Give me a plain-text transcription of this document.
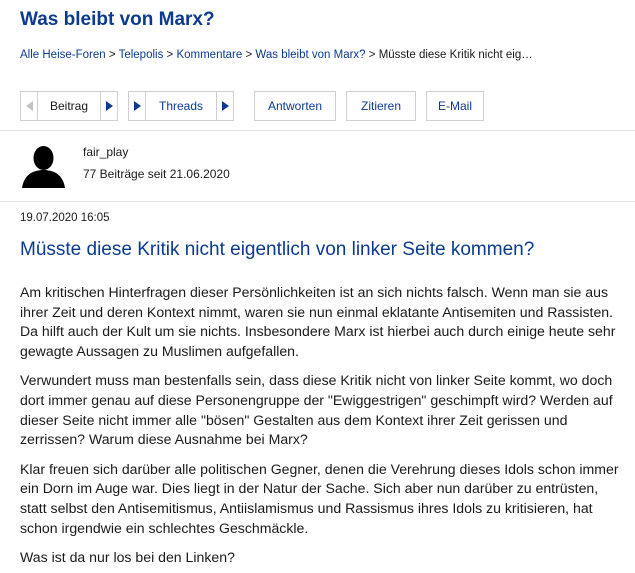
Was bleibt von Marx?
Alle Heise-Foren > Telepolis > Kommentare > Was bleibt von Marx? > Müsste diese Kritik nicht eig…
Beitrag	Threads	Antworten	Zitieren	E-Mail
fair_play
77 Beiträge seit 21.06.2020
19.07.2020 16:05
Müsste diese Kritik nicht eigentlich von linker Seite kommen?

Am kritischen Hinterfragen dieser Persönlichkeiten ist an sich nichts falsch. Wenn man sie aus ihrer Zeit und deren Kontext nimmt, waren sie nun einmal eklatante Antisemiten und Rassisten. Da hilft auch der Kult um sie nichts. Insbesondere Marx ist hierbei auch durch einige heute sehr gewagte Aussagen zu Muslimen aufgefallen.

Verwundert muss man bestenfalls sein, dass diese Kritik nicht von linker Seite kommt, wo doch dort immer genau auf diese Personengruppe der "Ewiggestrigen" geschimpft wird? Werden auf dieser Seite nicht immer alle "bösen" Gestalten aus dem Kontext ihrer Zeit gerissen und zerrissen? Warum diese Ausnahme bei Marx?

Klar freuen sich darüber alle politischen Gegner, denen die Verehrung dieses Idols schon immer ein Dorn im Auge war. Dies liegt in der Natur der Sache. Sich aber nun darüber zu entrüsten, statt selbst den Antisemitismus, Antiislamismus und Rassismus ihres Idols zu kritisieren, hat schon irgendwie ein schlechtes Geschmäckle.

Was ist da nur los bei den Linken?
